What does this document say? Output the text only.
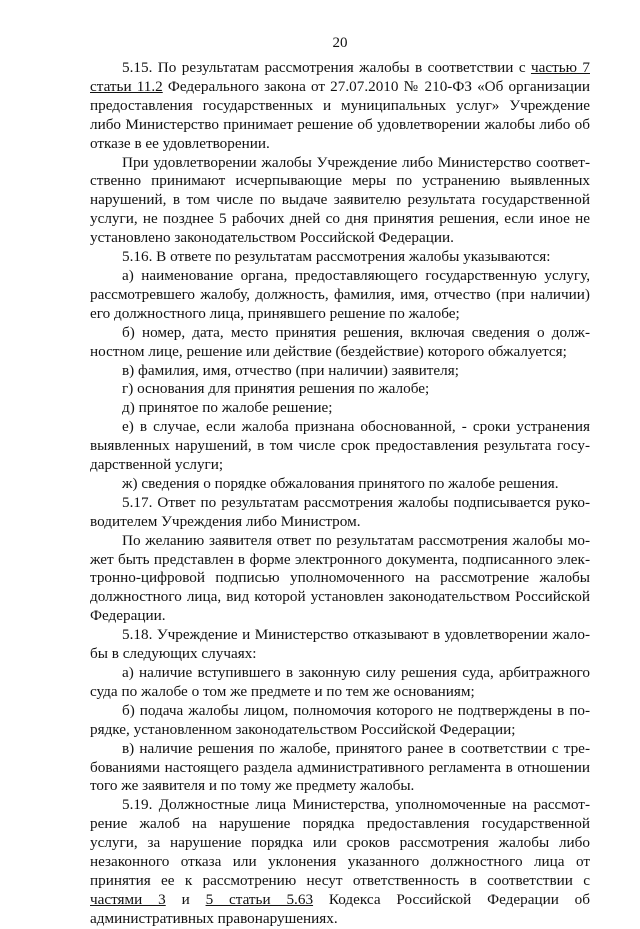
20

5.15. По результатам рассмотрения жалобы в соответствии с частью 7 статьи 11.2 Федерального закона от 27.07.2010 № 210-ФЗ «Об организации предоставления государственных и муниципальных услуг» Учреждение либо Министерство принимает решение об удовлетворении жалобы либо об отказе в ее удовлетворении.

При удовлетворении жалобы Учреждение либо Министерство соответственно принимают исчерпывающие меры по устранению выявленных нарушений, в том числе по выдаче заявителю результата государственной услуги, не позднее 5 рабочих дней со дня принятия решения, если иное не установлено законодательством Российской Федерации.

5.16. В ответе по результатам рассмотрения жалобы указываются:

а) наименование органа, предоставляющего государственную услугу, рассмотревшего жалобу, должность, фамилия, имя, отчество (при наличии) его должностного лица, принявшего решение по жалобе;

б) номер, дата, место принятия решения, включая сведения о должностном лице, решение или действие (бездействие) которого обжалуется;

в) фамилия, имя, отчество (при наличии) заявителя;

г) основания для принятия решения по жалобе;

д) принятое по жалобе решение;

е) в случае, если жалоба признана обоснованной, - сроки устранения выявленных нарушений, в том числе срок предоставления результата государственной услуги;

ж) сведения о порядке обжалования принятого по жалобе решения.

5.17. Ответ по результатам рассмотрения жалобы подписывается руководителем Учреждения либо Министром.

По желанию заявителя ответ по результатам рассмотрения жалобы может быть представлен в форме электронного документа, подписанного электронно-цифровой подписью уполномоченного на рассмотрение жалобы должностного лица, вид которой установлен законодательством Российской Федерации.

5.18. Учреждение и Министерство отказывают в удовлетворении жалобы в следующих случаях:

а) наличие вступившего в законную силу решения суда, арбитражного суда по жалобе о том же предмете и по тем же основаниям;

б) подача жалобы лицом, полномочия которого не подтверждены в порядке, установленном законодательством Российской Федерации;

в) наличие решения по жалобе, принятого ранее в соответствии с требованиями настоящего раздела административного регламента в отношении того же заявителя и по тому же предмету жалобы.

5.19. Должностные лица Министерства, уполномоченные на рассмотрение жалоб на нарушение порядка предоставления государственной услуги, за нарушение порядка или сроков рассмотрения жалобы либо незаконного отказа или уклонения указанного должностного лица от принятия ее к рассмотрению несут ответственность в соответствии с частями 3 и 5 статьи 5.63 Кодекса Российской Федерации об административных правонарушениях.
